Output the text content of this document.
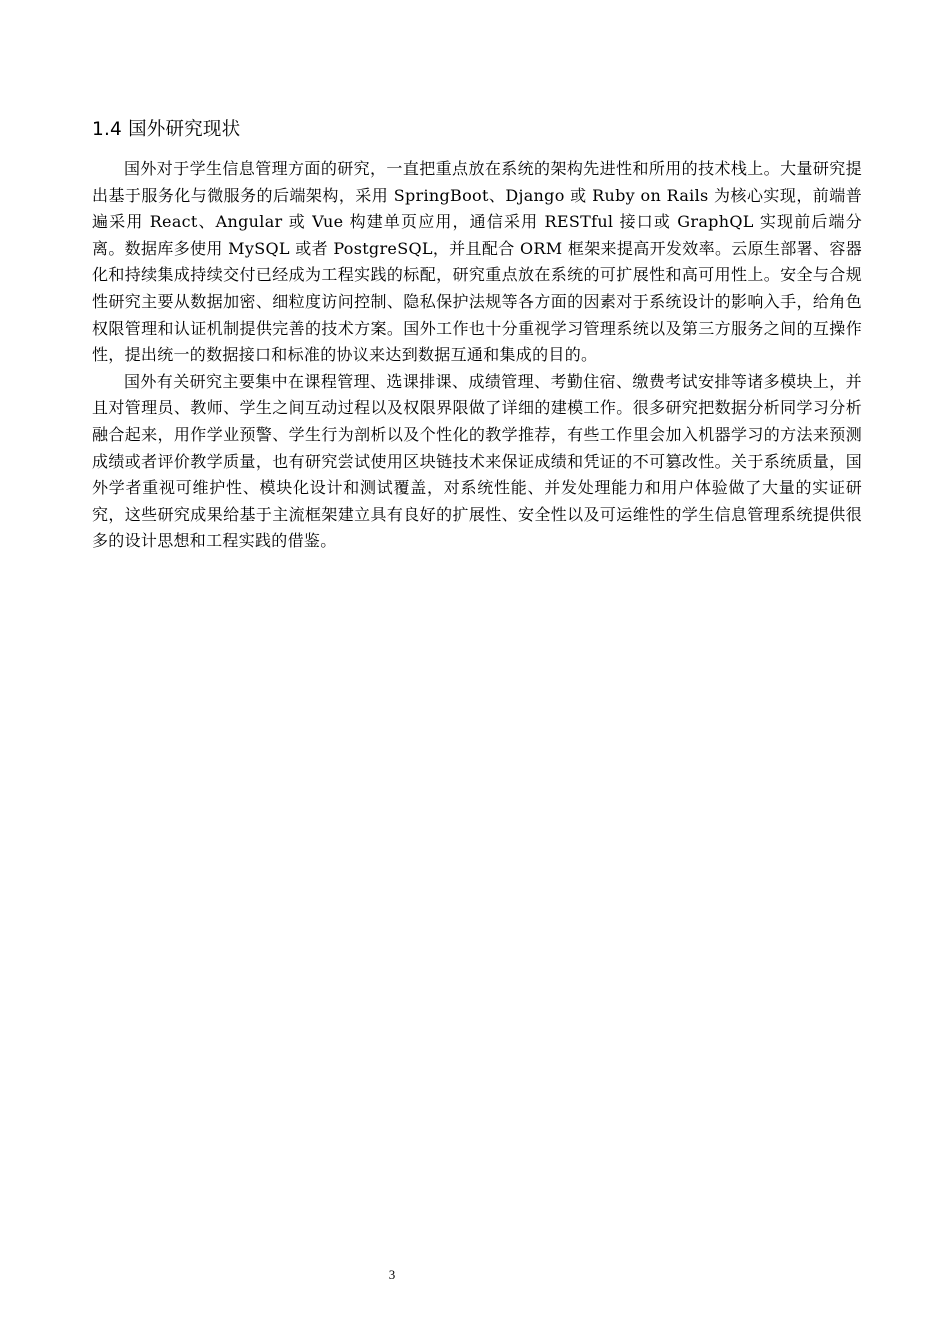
1.4 国外研究现状

国外对于学生信息管理方面的研究，一直把重点放在系统的架构先进性和所用的技术栈上。大量研究提出基于服务化与微服务的后端架构，采用 SpringBoot、Django 或 Ruby on Rails 为核心实现，前端普遍采用 React、Angular 或 Vue 构建单页应用，通信采用 RESTful 接口或 GraphQL 实现前后端分离。数据库多使用 MySQL 或者 PostgreSQL，并且配合 ORM 框架来提高开发效率。云原生部署、容器化和持续集成持续交付已经成为工程实践的标配，研究重点放在系统的可扩展性和高可用性上。安全与合规性研究主要从数据加密、细粒度访问控制、隐私保护法规等各方面的因素对于系统设计的影响入手，给角色权限管理和认证机制提供完善的技术方案。国外工作也十分重视学习管理系统以及第三方服务之间的互操作性，提出统一的数据接口和标准的协议来达到数据互通和集成的目的。

国外有关研究主要集中在课程管理、选课排课、成绩管理、考勤住宿、缴费考试安排等诸多模块上，并且对管理员、教师、学生之间互动过程以及权限界限做了详细的建模工作。很多研究把数据分析同学习分析融合起来，用作学业预警、学生行为剖析以及个性化的教学推荐，有些工作里会加入机器学习的方法来预测成绩或者评价教学质量，也有研究尝试使用区块链技术来保证成绩和凭证的不可篡改性。关于系统质量，国外学者重视可维护性、模块化设计和测试覆盖，对系统性能、并发处理能力和用户体验做了大量的实证研究，这些研究成果给基于主流框架建立具有良好的扩展性、安全性以及可运维性的学生信息管理系统提供很多的设计思想和工程实践的借鉴。

3
